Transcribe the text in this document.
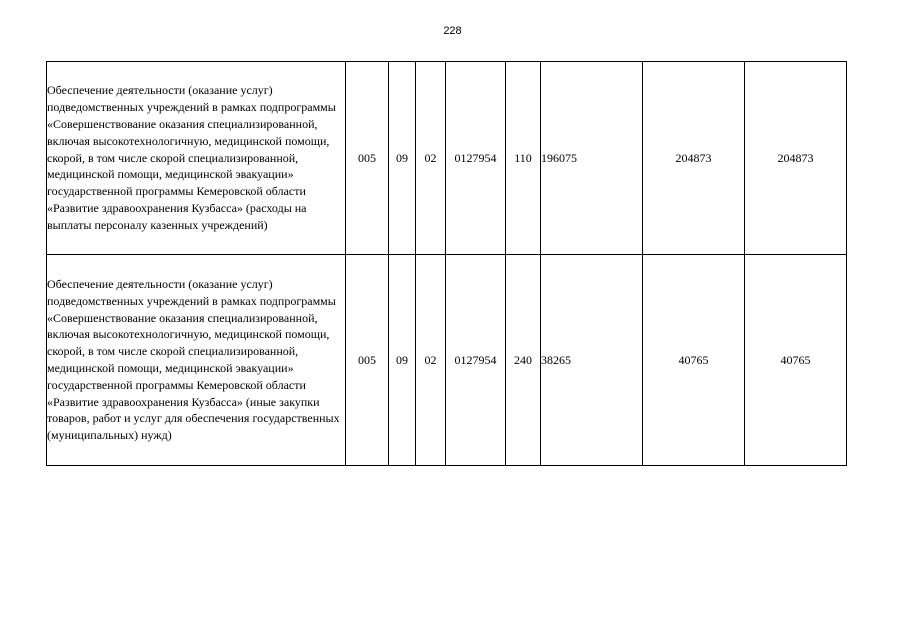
228
Обеспечение деятельности (оказание услуг) подведомственных учреждений в рамках подпрограммы «Совершенствование оказания специализированной, включая высокотехнологичную, медицинской помощи, скорой, в том числе скорой специализированной, медицинской помощи, медицинской эвакуации» государственной программы Кемеровской области «Развитие здравоохранения Кузбасса» (расходы на выплаты персоналу казенных учреждений)	005	09	02	0127954	110	196075	204873	204873
Обеспечение деятельности (оказание услуг) подведомственных учреждений в рамках подпрограммы «Совершенствование оказания специализированной, включая высокотехнологичную, медицинской помощи, скорой, в том числе скорой специализированной, медицинской помощи, медицинской эвакуации» государственной программы Кемеровской области «Развитие здравоохранения Кузбасса» (иные закупки товаров, работ и услуг для обеспечения государственных (муниципальных) нужд)	005	09	02	0127954	240	38265	40765	40765
